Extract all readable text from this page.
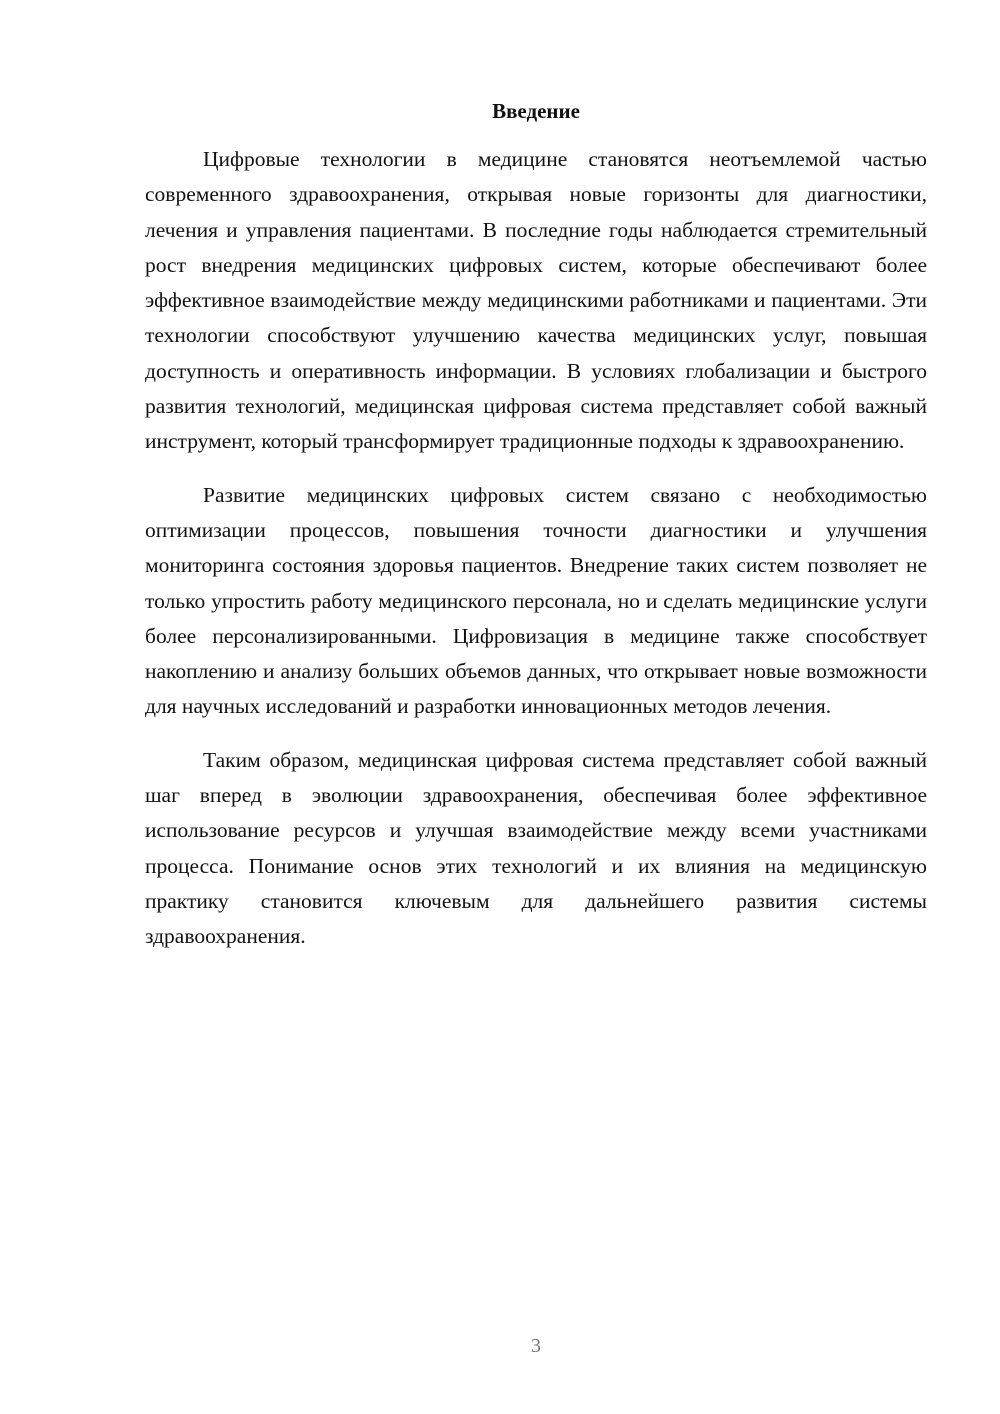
Введение

Цифровые технологии в медицине становятся неотъемлемой частью современного здравоохранения, открывая новые горизонты для диагностики, лечения и управления пациентами. В последние годы наблюдается стремительный рост внедрения медицинских цифровых систем, которые обеспечивают более эффективное взаимодействие между медицинскими работниками и пациентами. Эти технологии способствуют улучшению качества медицинских услуг, повышая доступность и оперативность информации. В условиях глобализации и быстрого развития технологий, медицинская цифровая система представляет собой важный инструмент, который трансформирует традиционные подходы к здравоохранению.

Развитие медицинских цифровых систем связано с необходимостью оптимизации процессов, повышения точности диагностики и улучшения мониторинга состояния здоровья пациентов. Внедрение таких систем позволяет не только упростить работу медицинского персонала, но и сделать медицинские услуги более персонализированными. Цифровизация в медицине также способствует накоплению и анализу больших объемов данных, что открывает новые возможности для научных исследований и разработки инновационных методов лечения.

Таким образом, медицинская цифровая система представляет собой важный шаг вперед в эволюции здравоохранения, обеспечивая более эффективное использование ресурсов и улучшая взаимодействие между всеми участниками процесса. Понимание основ этих технологий и их влияния на медицинскую практику становится ключевым для дальнейшего развития системы здравоохранения.

3
